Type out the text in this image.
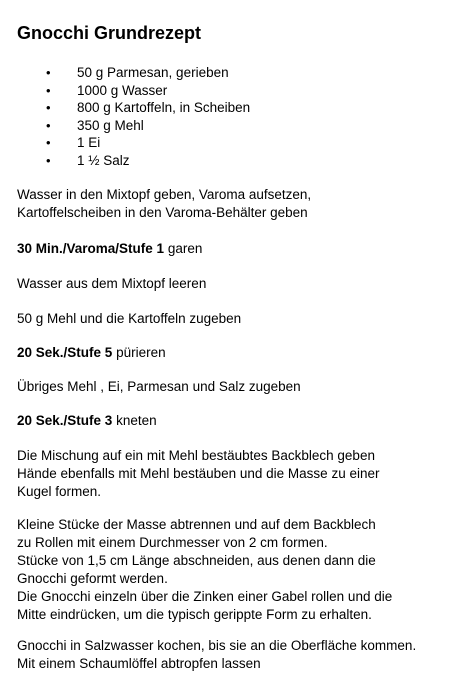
Gnocchi Grundrezept
• 50 g Parmesan, gerieben
• 1000 g Wasser
• 800 g Kartoffeln, in Scheiben
• 350 g Mehl
• 1 Ei
• 1 ½ Salz

Wasser in den Mixtopf geben, Varoma aufsetzen,
Kartoffelscheiben in den Varoma-Behälter geben

30 Min./Varoma/Stufe 1 garen

Wasser aus dem Mixtopf leeren

50 g Mehl und die Kartoffeln zugeben

20 Sek./Stufe 5 pürieren

Übriges Mehl , Ei, Parmesan und Salz zugeben

20 Sek./Stufe 3 kneten

Die Mischung auf ein mit Mehl bestäubtes Backblech geben
Hände ebenfalls mit Mehl bestäuben und die Masse zu einer
Kugel formen.

Kleine Stücke der Masse abtrennen und auf dem Backblech
zu Rollen mit einem Durchmesser von 2 cm formen.
Stücke von 1,5 cm Länge abschneiden, aus denen dann die
Gnocchi geformt werden.
Die Gnocchi einzeln über die Zinken einer Gabel rollen und die
Mitte eindrücken, um die typisch gerippte Form zu erhalten.

Gnocchi in Salzwasser kochen, bis sie an die Oberfläche kommen.
Mit einem Schaumlöffel abtropfen lassen
